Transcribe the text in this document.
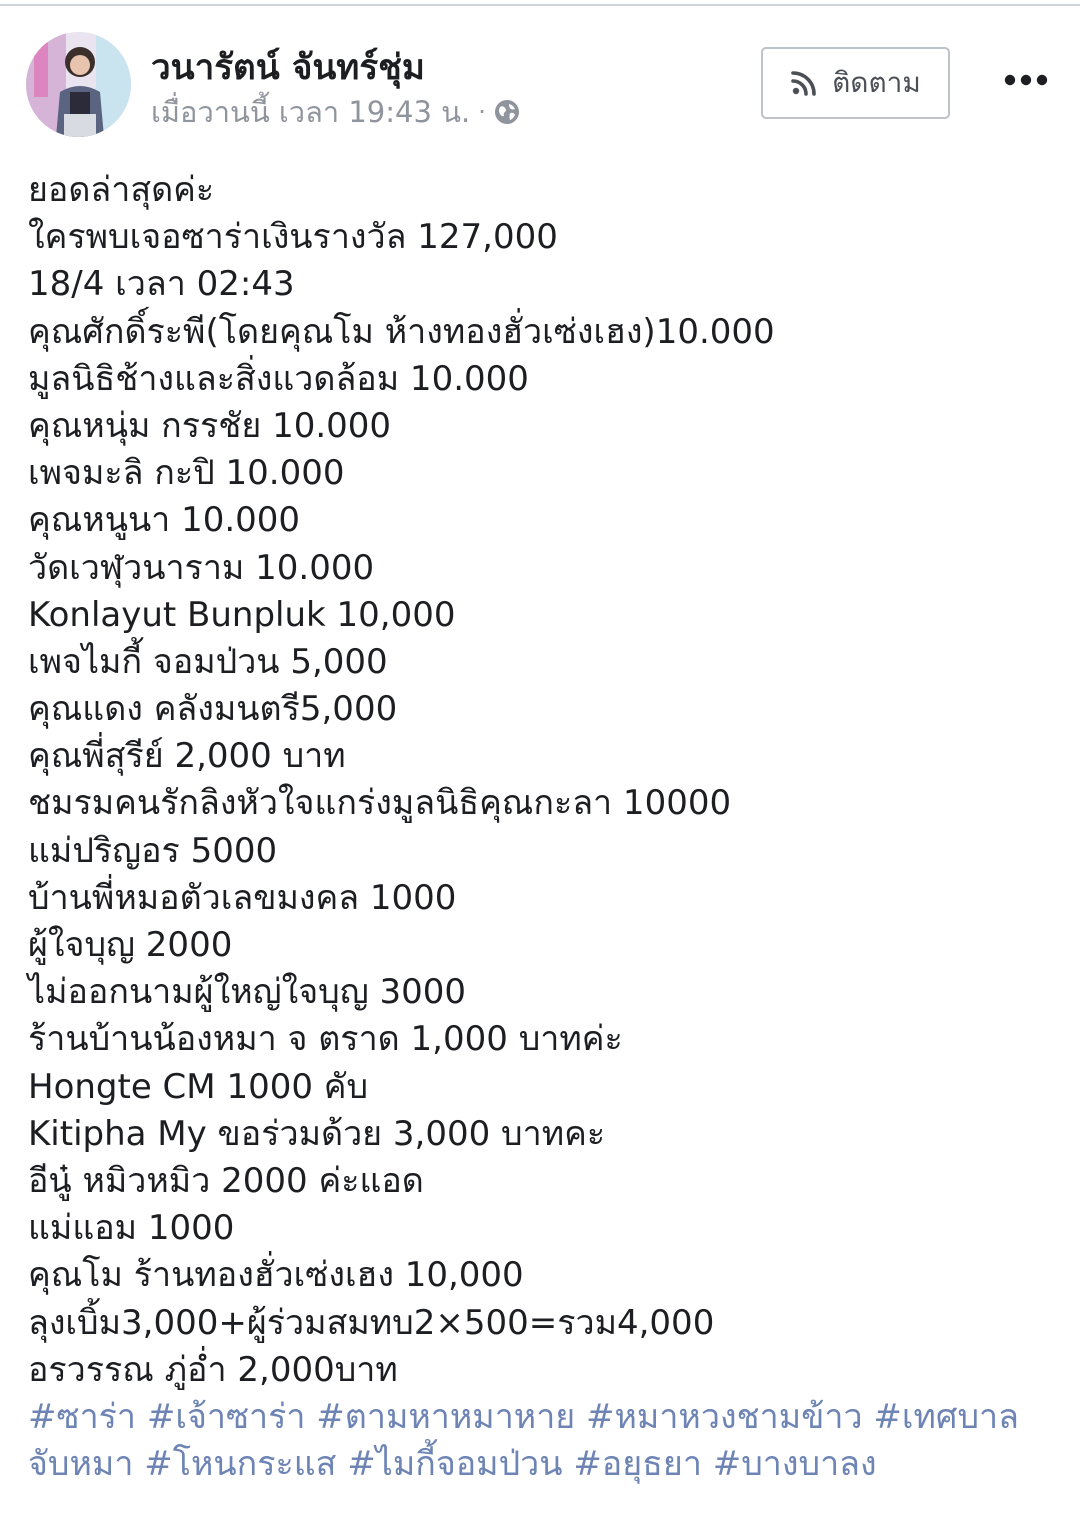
วนารัตน์ จันทร์ชุ่ม
เมื่อวานนี้ เวลา 19:43 น. ·
ติดตาม
ยอดล่าสุดค่ะ
ใครพบเจอซาร่าเงินรางวัล 127,000
18/4 เวลา 02:43
คุณศักดิ์ระพี(โดยคุณโม ห้างทองฮั่วเซ่งเฮง)10.000
มูลนิธิช้างและสิ่งแวดล้อม 10.000
คุณหนุ่ม กรรชัย 10.000
เพจมะลิ กะปิ 10.000
คุณหนูนา 10.000
วัดเวฬุวนาราม 10.000
Konlayut Bunpluk 10,000
เพจไมกี้ จอมป่วน 5,000
คุณแดง คลังมนตรี5,000
คุณพี่สุรีย์ 2,000 บาท
ชมรมคนรักลิงหัวใจแกร่งมูลนิธิคุณกะลา 10000
แม่ปริญอร 5000
บ้านพี่หมอตัวเลขมงคล 1000
ผู้ใจบุญ 2000
ไม่ออกนามผู้ใหญ่ใจบุญ 3000
ร้านบ้านน้องหมา จ ตราด 1,000 บาทค่ะ
Hongte CM 1000 คับ
Kitipha My ขอร่วมด้วย 3,000 บาทคะ
อีนู๋ หมิวหมิว 2000 ค่ะแอด
แม่แอม 1000
คุณโม ร้านทองฮั่วเซ่งเฮง 10,000
ลุงเบิ้ม3,000+ผู้ร่วมสมทบ2×500=รวม4,000
อรวรรณ ภู่อ่ำ 2,000บาท
#ซาร่า #เจ้าซาร่า #ตามหาหมาหาย #หมาหวงชามข้าว #เทศบาลจับหมา #โหนกระแส #ไมกี้จอมป่วน #อยุธยา #บางบาลง
